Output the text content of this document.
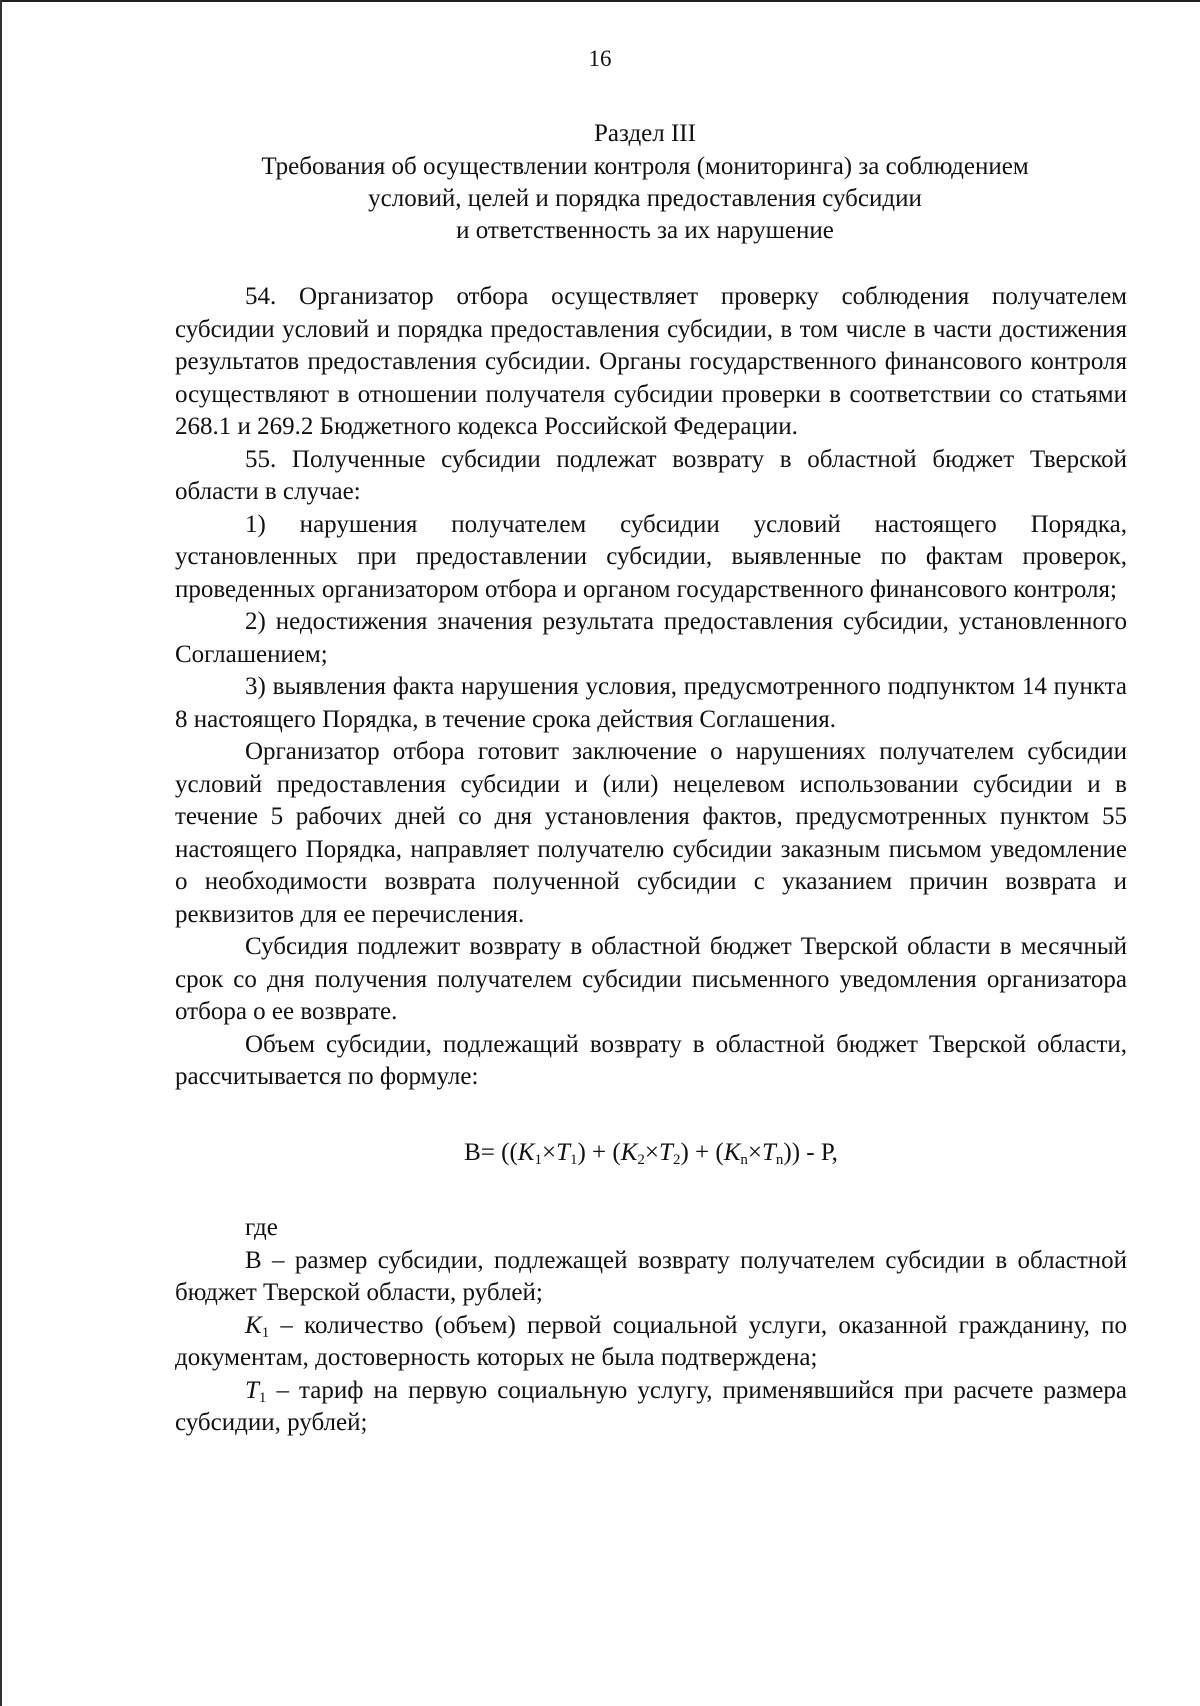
16
Раздел III
Требования об осуществлении контроля (мониторинга) за соблюдением
условий, целей и порядка предоставления субсидии
и ответственность за их нарушение

54. Организатор отбора осуществляет проверку соблюдения получателем субсидии условий и порядка предоставления субсидии, в том числе в части достижения результатов предоставления субсидии. Органы государственного финансового контроля осуществляют в отношении получателя субсидии проверки в соответствии со статьями 268.1 и 269.2 Бюджетного кодекса Российской Федерации.

55. Полученные субсидии подлежат возврату в областной бюджет Тверской области в случае:

1) нарушения получателем субсидии условий настоящего Порядка, установленных при предоставлении субсидии, выявленные по фактам проверок, проведенных организатором отбора и органом государственного финансового контроля;

2) недостижения значения результата предоставления субсидии, установленного Соглашением;

3) выявления факта нарушения условия, предусмотренного подпунктом 14 пункта 8 настоящего Порядка, в течение срока действия Соглашения.

Организатор отбора готовит заключение о нарушениях получателем субсидии условий предоставления субсидии и (или) нецелевом использовании субсидии и в течение 5 рабочих дней со дня установления фактов, предусмотренных пунктом 55 настоящего Порядка, направляет получателю субсидии заказным письмом уведомление о необходимости возврата полученной субсидии с указанием причин возврата и реквизитов для ее перечисления.

Субсидия подлежит возврату в областной бюджет Тверской области в месячный срок со дня получения получателем субсидии письменного уведомления организатора отбора о ее возврате.

Объем субсидии, подлежащий возврату в областной бюджет Тверской области, рассчитывается по формуле:

$В= ((K_1\times T_1) + (K_2\times T_2) + (K_n\times T_n)) - Р$,

где

В – размер субсидии, подлежащей возврату получателем субсидии в областной бюджет Тверской области, рублей;

$K_1$ – количество (объем) первой социальной услуги, оказанной гражданину, по документам, достоверность которых не была подтверждена;

$T_1$ – тариф на первую социальную услугу, применявшийся при расчете размера субсидии, рублей;
